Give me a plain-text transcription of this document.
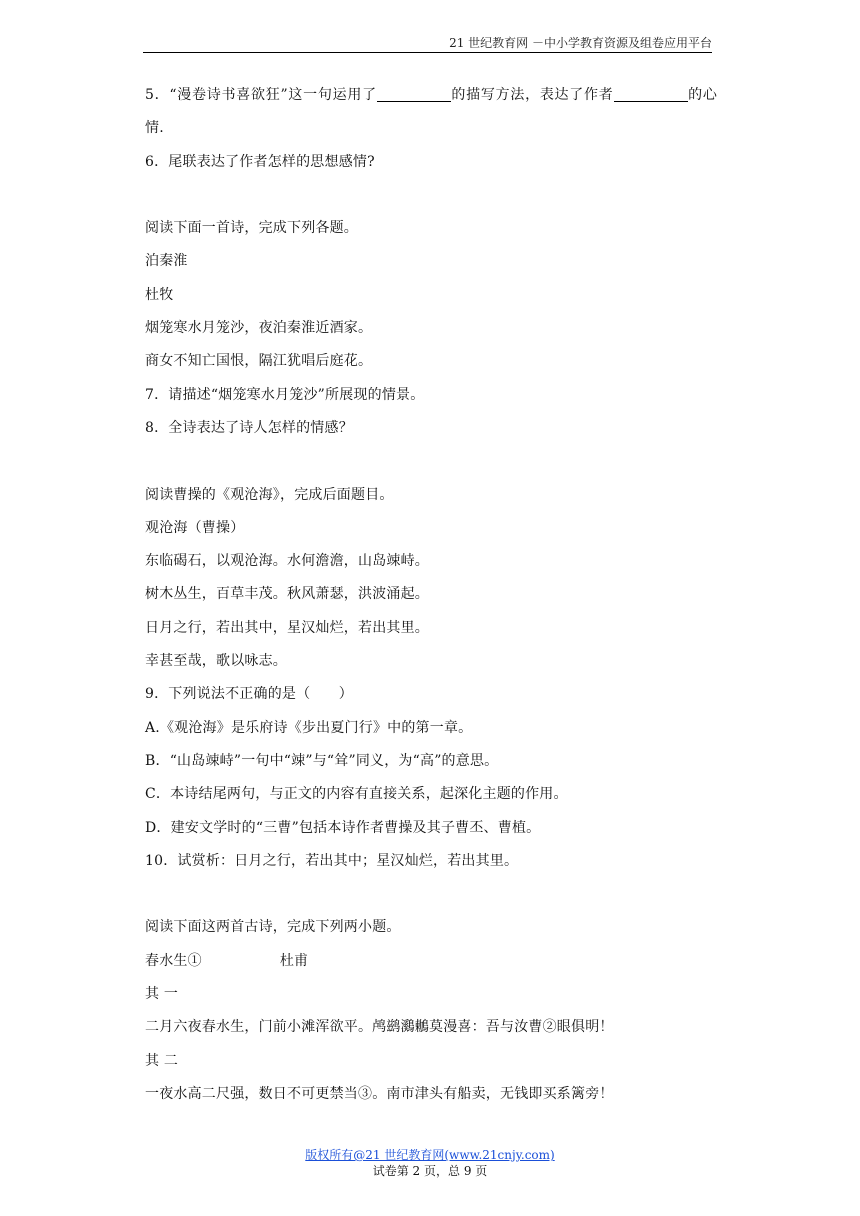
21 世纪教育网 －中小学教育资源及组卷应用平台
5．“漫卷诗书喜欲狂”这一句运用了	的描写方法，表达了作者	的心情.
6．尾联表达了作者怎样的思想感情?
阅读下面一首诗，完成下列各题。
泊秦淮
杜牧
烟笼寒水月笼沙，夜泊秦淮近酒家。
商女不知亡国恨，隔江犹唱后庭花。
7．请描述“烟笼寒水月笼沙”所展现的情景。
8．全诗表达了诗人怎样的情感？
阅读曹操的《观沧海》，完成后面题目。
观沧海（曹操）
东临碣石，以观沧海。水何澹澹，山岛竦峙。
树木丛生，百草丰茂。秋风萧瑟，洪波涌起。
日月之行，若出其中，星汉灿烂，若出其里。
幸甚至哉，歌以咏志。
9．下列说法不正确的是（　　）
A.《观沧海》是乐府诗《步出夏门行》中的第一章。
B．“山岛竦峙”一句中“竦”与“耸”同义，为“高”的意思。
C．本诗结尾两句，与正文的内容有直接关系，起深化主题的作用。
D．建安文学时的“三曹”包括本诗作者曹操及其子曹丕、曹植。
10．试赏析：日月之行，若出其中；星汉灿烂，若出其里。
阅读下面这两首古诗，完成下列两小题。
春水生①	杜甫
其 一
二月六夜春水生，门前小滩浑欲平。鸬鹚鸂鶒莫漫喜：吾与汝曹②眼俱明！
其 二
一夜水高二尺强，数日不可更禁当③。南市津头有船卖，无钱即买系篱旁！
版权所有@21 世纪教育网(www.21cnjy.com)
试卷第 2 页，总 9 页
